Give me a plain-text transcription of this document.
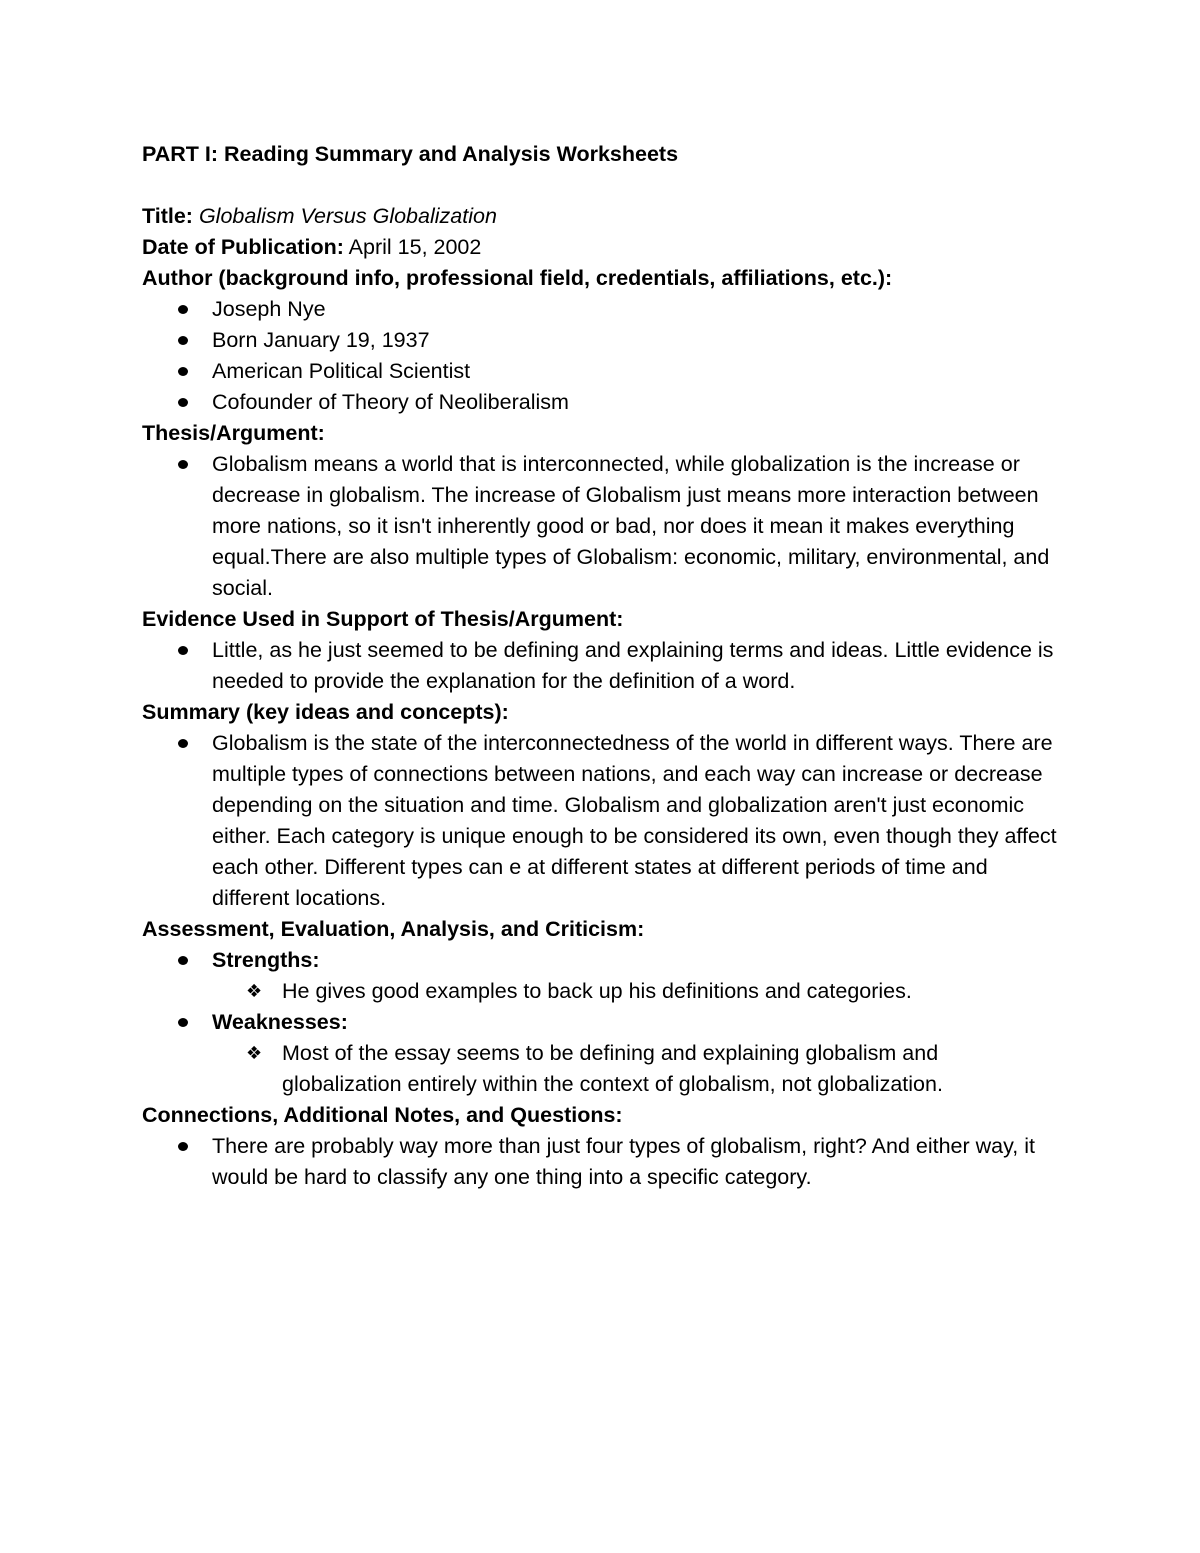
PART I: Reading Summary and Analysis Worksheets

Title: Globalism Versus Globalization

Date of Publication: April 15, 2002

Author (background info, professional field, credentials, affiliations, etc.):

Joseph Nye
Born January 19, 1937
American Political Scientist
Cofounder of Theory of Neoliberalism

Thesis/Argument:

Globalism means a world that is interconnected, while globalization is the increase or decrease in globalism. The increase of Globalism just means more interaction between more nations, so it isn't inherently good or bad, nor does it mean it makes everything equal.There are also multiple types of Globalism: economic, military, environmental, and social.

Evidence Used in Support of Thesis/Argument:

Little, as he just seemed to be defining and explaining terms and ideas. Little evidence is needed to provide the explanation for the definition of a word.

Summary (key ideas and concepts):

Globalism is the state of the interconnectedness of the world in different ways. There are multiple types of connections between nations, and each way can increase or decrease depending on the situation and time. Globalism and globalization aren't just economic either. Each category is unique enough to be considered its own, even though they affect each other. Different types can e at different states at different periods of time and different locations.

Assessment, Evaluation, Analysis, and Criticism:

Strengths:
❖ He gives good examples to back up his definitions and categories.
Weaknesses:
❖ Most of the essay seems to be defining and explaining globalism and globalization entirely within the context of globalism, not globalization.

Connections, Additional Notes, and Questions:

There are probably way more than just four types of globalism, right? And either way, it would be hard to classify any one thing into a specific category.
